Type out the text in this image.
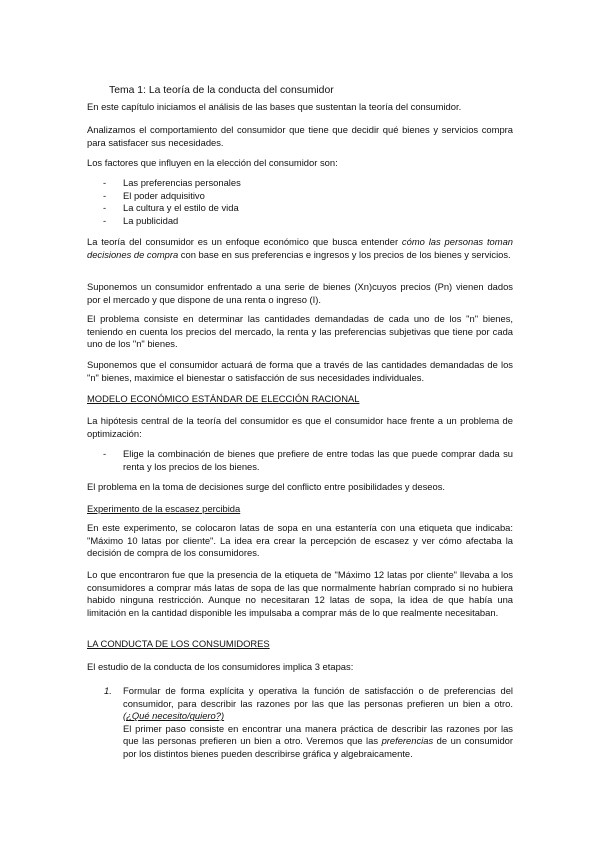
Tema 1: La teoría de la conducta del consumidor
En este capítulo iniciamos el análisis de las bases que sustentan la teoría del consumidor.
Analizamos el comportamiento del consumidor que tiene que decidir qué bienes y servicios compra para satisfacer sus necesidades.
Los factores que influyen en la elección del consumidor son:
- Las preferencias personales
- El poder adquisitivo
- La cultura y el estilo de vida
- La publicidad
La teoría del consumidor es un enfoque económico que busca entender cómo las personas toman decisiones de compra con base en sus preferencias e ingresos y los precios de los bienes y servicios.
Suponemos un consumidor enfrentado a una serie de bienes (Xn)cuyos precios (Pn) vienen dados por el mercado y que dispone de una renta o ingreso (I).
El problema consiste en determinar las cantidades demandadas de cada uno de los "n" bienes, teniendo en cuenta los precios del mercado, la renta y las preferencias subjetivas que tiene por cada uno de los "n" bienes.
Suponemos que el consumidor actuará de forma que a través de las cantidades demandadas de los "n" bienes, maximice el bienestar o satisfacción de sus necesidades individuales.
MODELO ECONÓMICO ESTÁNDAR DE ELECCIÓN RACIONAL
La hipótesis central de la teoría del consumidor es que el consumidor hace frente a un problema de optimización:
- Elige la combinación de bienes que prefiere de entre todas las que puede comprar dada su renta y los precios de los bienes.
El problema en la toma de decisiones surge del conflicto entre posibilidades y deseos.
Experimento de la escasez percibida
En este experimento, se colocaron latas de sopa en una estantería con una etiqueta que indicaba: "Máximo 10 latas por cliente". La idea era crear la percepción de escasez y ver cómo afectaba la decisión de compra de los consumidores.
Lo que encontraron fue que la presencia de la etiqueta de "Máximo 12 latas por cliente" llevaba a los consumidores a comprar más latas de sopa de las que normalmente habrían comprado si no hubiera habido ninguna restricción. Aunque no necesitaran 12 latas de sopa, la idea de que había una limitación en la cantidad disponible les impulsaba a comprar más de lo que realmente necesitaban.
LA CONDUCTA DE LOS CONSUMIDORES
El estudio de la conducta de los consumidores implica 3 etapas:
1.	Formular de forma explícita y operativa la función de satisfacción o de preferencias del consumidor, para describir las razones por las que las personas prefieren un bien a otro. (¿Qué necesito/quiero?)
El primer paso consiste en encontrar una manera práctica de describir las razones por las que las personas prefieren un bien a otro. Veremos que las preferencias de un consumidor por los distintos bienes pueden describirse gráfica y algebraicamente.
